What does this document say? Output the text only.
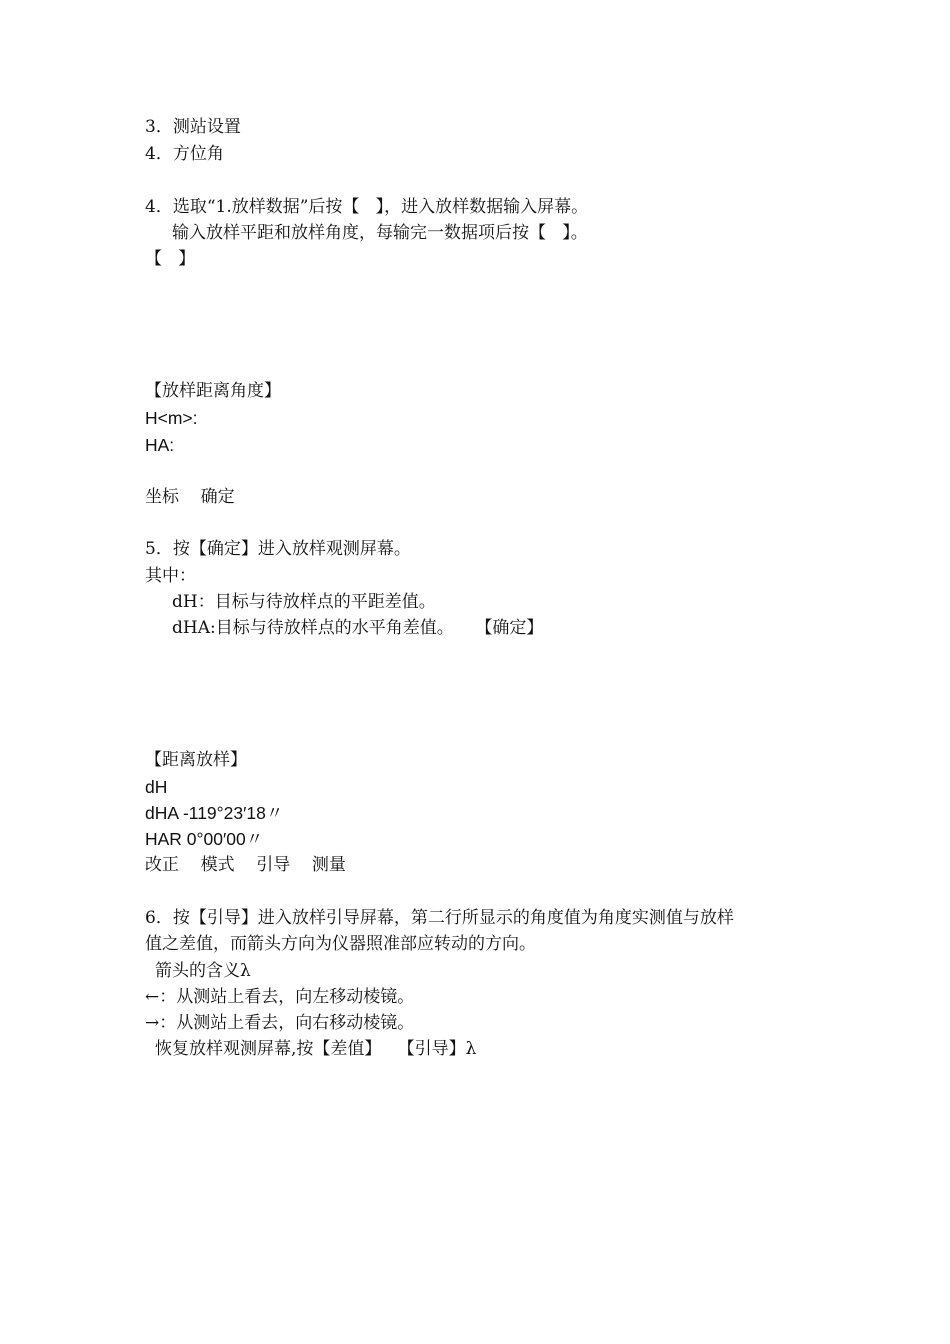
3．测站设置

4．方位角

4．选取“1.放样数据”后按【   】，进入放样数据输入屏幕。

输入放样平距和放样角度，每输完一数据项后按【   】。

【   】

【放样距离角度】

H<m>:

HA:

坐标    确定

5．按【确定】进入放样观测屏幕。

其中：

dH：目标与待放样点的平距差值。

dHA:目标与待放样点的水平角差值。    【确定】

【距离放样】

dH

dHA -119°23′18〃

HAR 0°00′00〃

改正    模式    引导    测量

6．按【引导】进入放样引导屏幕，第二行所显示的角度值为角度实测值与放样

值之差值，而箭头方向为仪器照准部应转动的方向。

箭头的含义λ

←：从测站上看去，向左移动棱镜。

→：从测站上看去，向右移动棱镜。

恢复放样观测屏幕,按【差值】   【引导】λ
